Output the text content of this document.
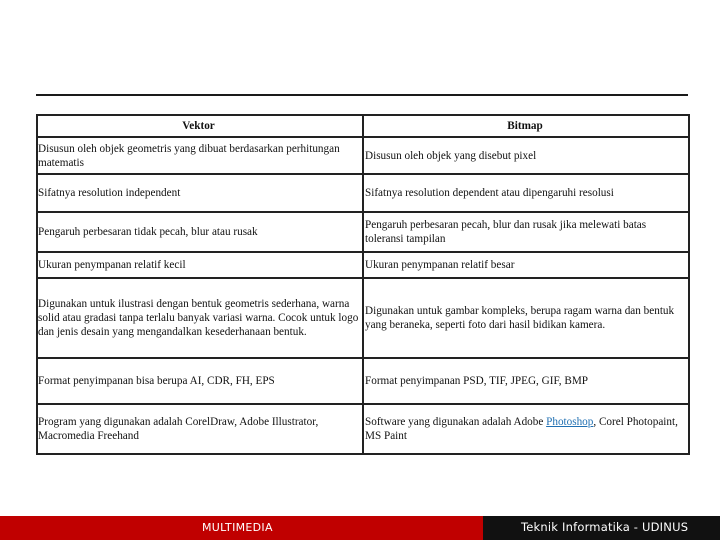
Vektor	Bitmap
Disusun oleh objek geometris yang dibuat berdasarkan perhitungan matematis	Disusun oleh objek yang disebut pixel
Sifatnya resolution independent	Sifatnya resolution dependent atau dipengaruhi resolusi
Pengaruh perbesaran tidak pecah, blur atau rusak	Pengaruh perbesaran pecah, blur dan rusak jika melewati batas toleransi tampilan
Ukuran penympanan relatif kecil	Ukuran penympanan relatif besar
Digunakan untuk ilustrasi dengan bentuk geometris sederhana, warna solid atau gradasi tanpa terlalu banyak variasi warna. Cocok untuk logo dan jenis desain yang mengandalkan kesederhanaan bentuk.	Digunakan untuk gambar kompleks, berupa ragam warna dan bentuk yang beraneka, seperti foto dari hasil bidikan kamera.
Format penyimpanan bisa berupa AI, CDR, FH, EPS	Format penyimpanan PSD, TIF, JPEG, GIF, BMP
Program yang digunakan adalah CorelDraw, Adobe Illustrator, Macromedia Freehand	Software yang digunakan adalah Adobe Photoshop, Corel Photopaint, MS Paint
MULTIMEDIA	Teknik Informatika - UDINUS
